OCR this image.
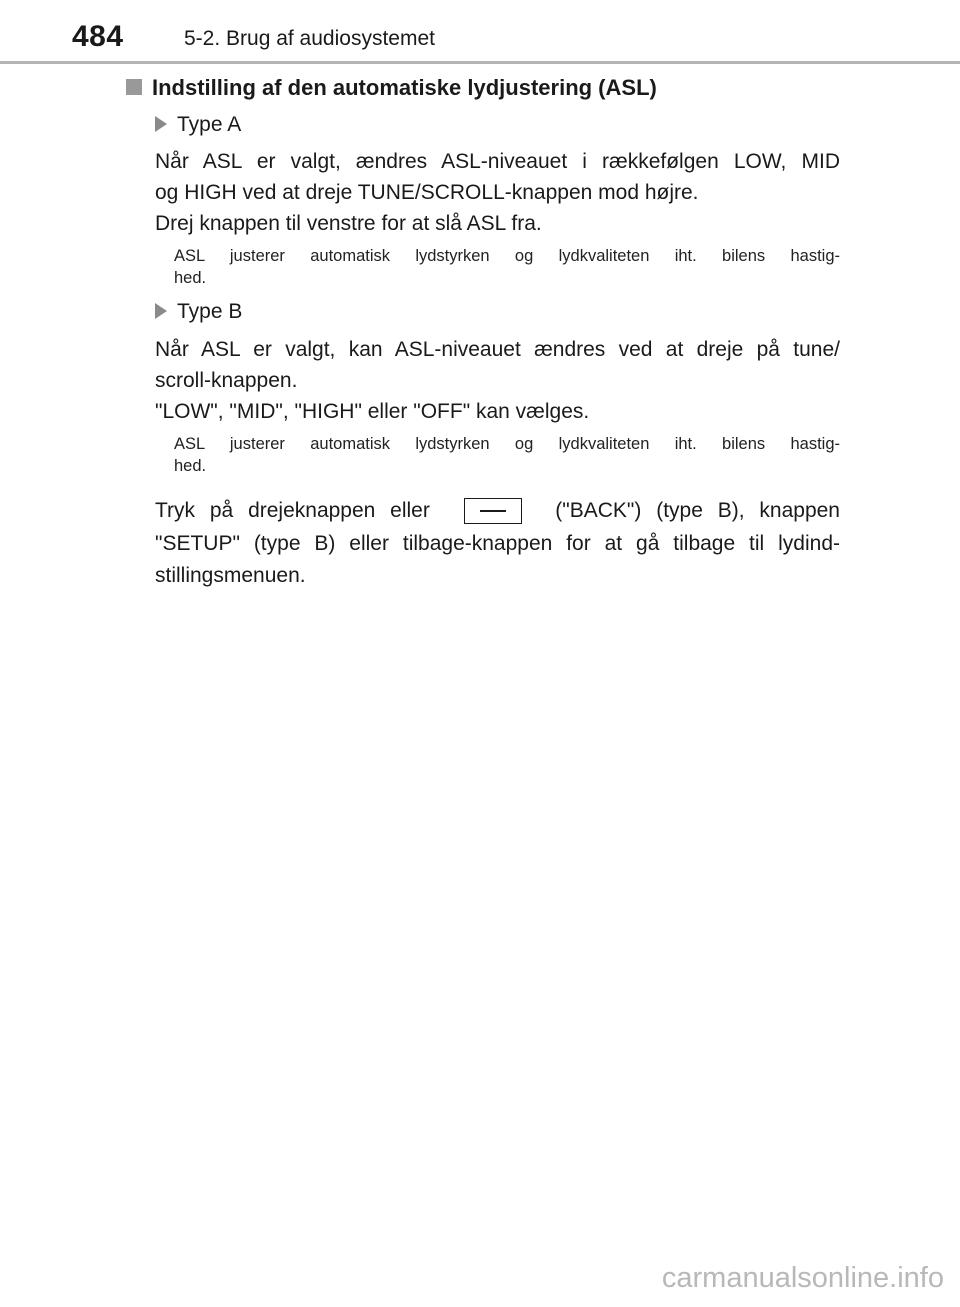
484	5-2. Brug af audiosystemet
Indstilling af den automatiske lydjustering (ASL)
Type A
Når ASL er valgt, ændres ASL-niveauet i rækkefølgen LOW, MID
og HIGH ved at dreje TUNE/SCROLL-knappen mod højre.
Drej knappen til venstre for at slå ASL fra.
ASL justerer automatisk lydstyrken og lydkvaliteten iht. bilens hastig-
hed.
Type B
Når ASL er valgt, kan ASL-niveauet ændres ved at dreje på tune/
scroll-knappen.
"LOW", "MID", "HIGH" eller "OFF" kan vælges.
ASL justerer automatisk lydstyrken og lydkvaliteten iht. bilens hastig-
hed.
Tryk på drejeknappen eller	("BACK") (type B), knappen
"SETUP" (type B) eller tilbage-knappen for at gå tilbage til lydind-
stillingsmenuen.
carmanualsonline.info
